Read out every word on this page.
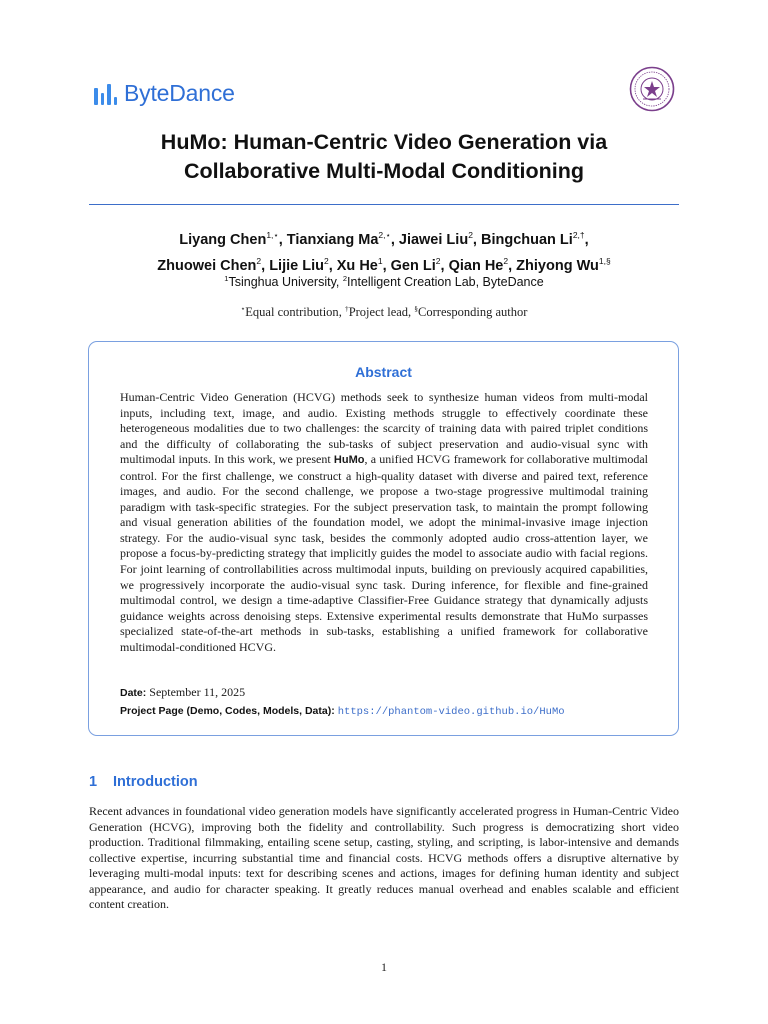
ByteDance
HuMo: Human-Centric Video Generation via
Collaborative Multi-Modal Conditioning
Liyang Chen$^{1,⋆}$, Tianxiang $Ma^{2,⋆}$, Jiawei Liu$^2$, Bingchuan $Li^{2,\dagger}$,
Zhuowei Chen$^2$, Lijie Liu$^2$, Xu He$^1$, Gen Li$^2$, Qian He$^2$, Zhiyong $Wu^{1,\S}$
$^1$Tsinghua University, $^2$Intelligent Creation Lab, ByteDance
⋆Equal contribution, †Project lead, §Corresponding author
Abstract
Human-Centric Video Generation (HCVG) methods seek to synthesize human videos from multi-modal inputs, including text, image, and audio. Existing methods struggle to effectively coordinate these heterogeneous modalities due to two challenges: the scarcity of training data with paired triplet conditions and the difficulty of collaborating the sub-tasks of subject preservation and audio-visual sync with multimodal inputs. In this work, we present HuMo, a unified HCVG framework for collaborative multimodal control. For the first challenge, we construct a high-quality dataset with diverse and paired text, reference images, and audio. For the second challenge, we propose a two-stage progressive multimodal training paradigm with task-specific strategies. For the subject preservation task, to maintain the prompt following and visual generation abilities of the foundation model, we adopt the minimal-invasive image injection strategy. For the audio-visual sync task, besides the commonly adopted audio cross-attention layer, we propose a focus-by-predicting strategy that implicitly guides the model to associate audio with facial regions. For joint learning of controllabilities across multimodal inputs, building on previously acquired capabilities, we progressively incorporate the audio-visual sync task. During inference, for flexible and fine-grained multimodal control, we design a time-adaptive Classifier-Free Guidance strategy that dynamically adjusts guidance weights across denoising steps. Extensive experimental results demonstrate that HuMo surpasses specialized state-of-the-art methods in sub-tasks, establishing a unified framework for collaborative multimodal-conditioned HCVG.
Date: September 11, 2025
Project Page (Demo, Codes, Models, Data): https://phantom-video.github.io/HuMo
1 Introduction
Recent advances in foundational video generation models have significantly accelerated progress in Human-Centric Video Generation (HCVG), improving both the fidelity and controllability. Such progress is democratizing short video production. Traditional filmmaking, entailing scene setup, casting, styling, and scripting, is labor-intensive and demands collective expertise, incurring substantial time and financial costs. HCVG methods offers a disruptive alternative by leveraging multi-modal inputs: text for describing scenes and actions, images for defining human identity and subject appearance, and audio for character speaking. It greatly reduces manual overhead and enables scalable and efficient content creation.
1
